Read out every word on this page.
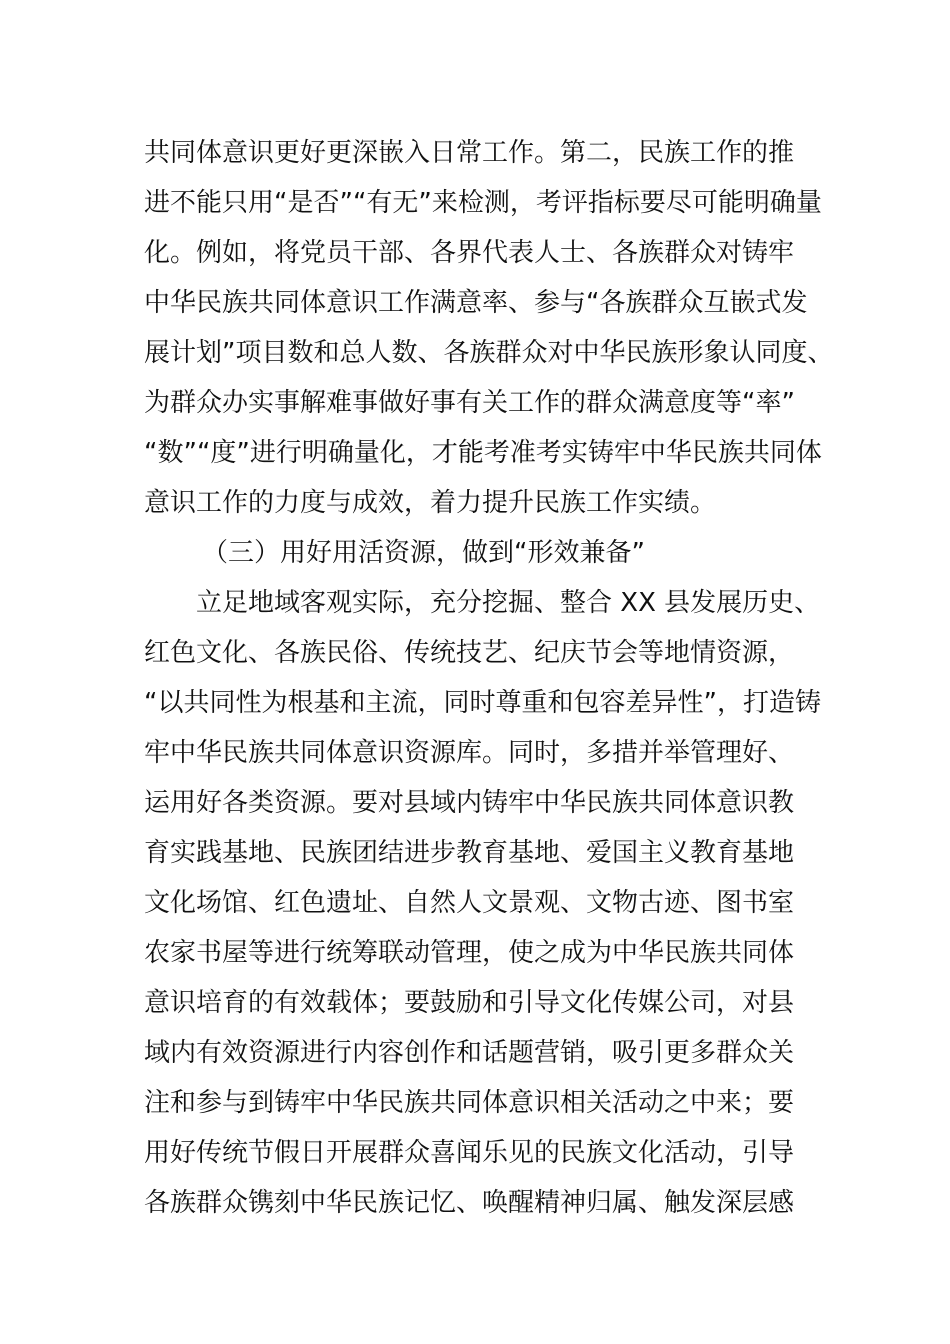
共同体意识更好更深嵌入日常工作。第二，民族工作的推
进不能只用“是否”“有无”来检测，考评指标要尽可能明确量
化。例如，将党员干部、各界代表人士、各族群众对铸牢
中华民族共同体意识工作满意率、参与“各族群众互嵌式发
展计划”项目数和总人数、各族群众对中华民族形象认同度、
为群众办实事解难事做好事有关工作的群众满意度等“率”
“数”“度”进行明确量化，才能考准考实铸牢中华民族共同体
意识工作的力度与成效，着力提升民族工作实绩。
（三）用好用活资源，做到“形效兼备”
立足地域客观实际，充分挖掘、整合 XX 县发展历史、
红色文化、各族民俗、传统技艺、纪庆节会等地情资源，
“以共同性为根基和主流，同时尊重和包容差异性”，打造铸
牢中华民族共同体意识资源库。同时，多措并举管理好、
运用好各类资源。要对县域内铸牢中华民族共同体意识教
育实践基地、民族团结进步教育基地、爱国主义教育基地
文化场馆、红色遗址、自然人文景观、文物古迹、图书室
农家书屋等进行统筹联动管理，使之成为中华民族共同体
意识培育的有效载体；要鼓励和引导文化传媒公司，对县
域内有效资源进行内容创作和话题营销，吸引更多群众关
注和参与到铸牢中华民族共同体意识相关活动之中来；要
用好传统节假日开展群众喜闻乐见的民族文化活动，引导
各族群众镌刻中华民族记忆、唤醒精神归属、触发深层感
